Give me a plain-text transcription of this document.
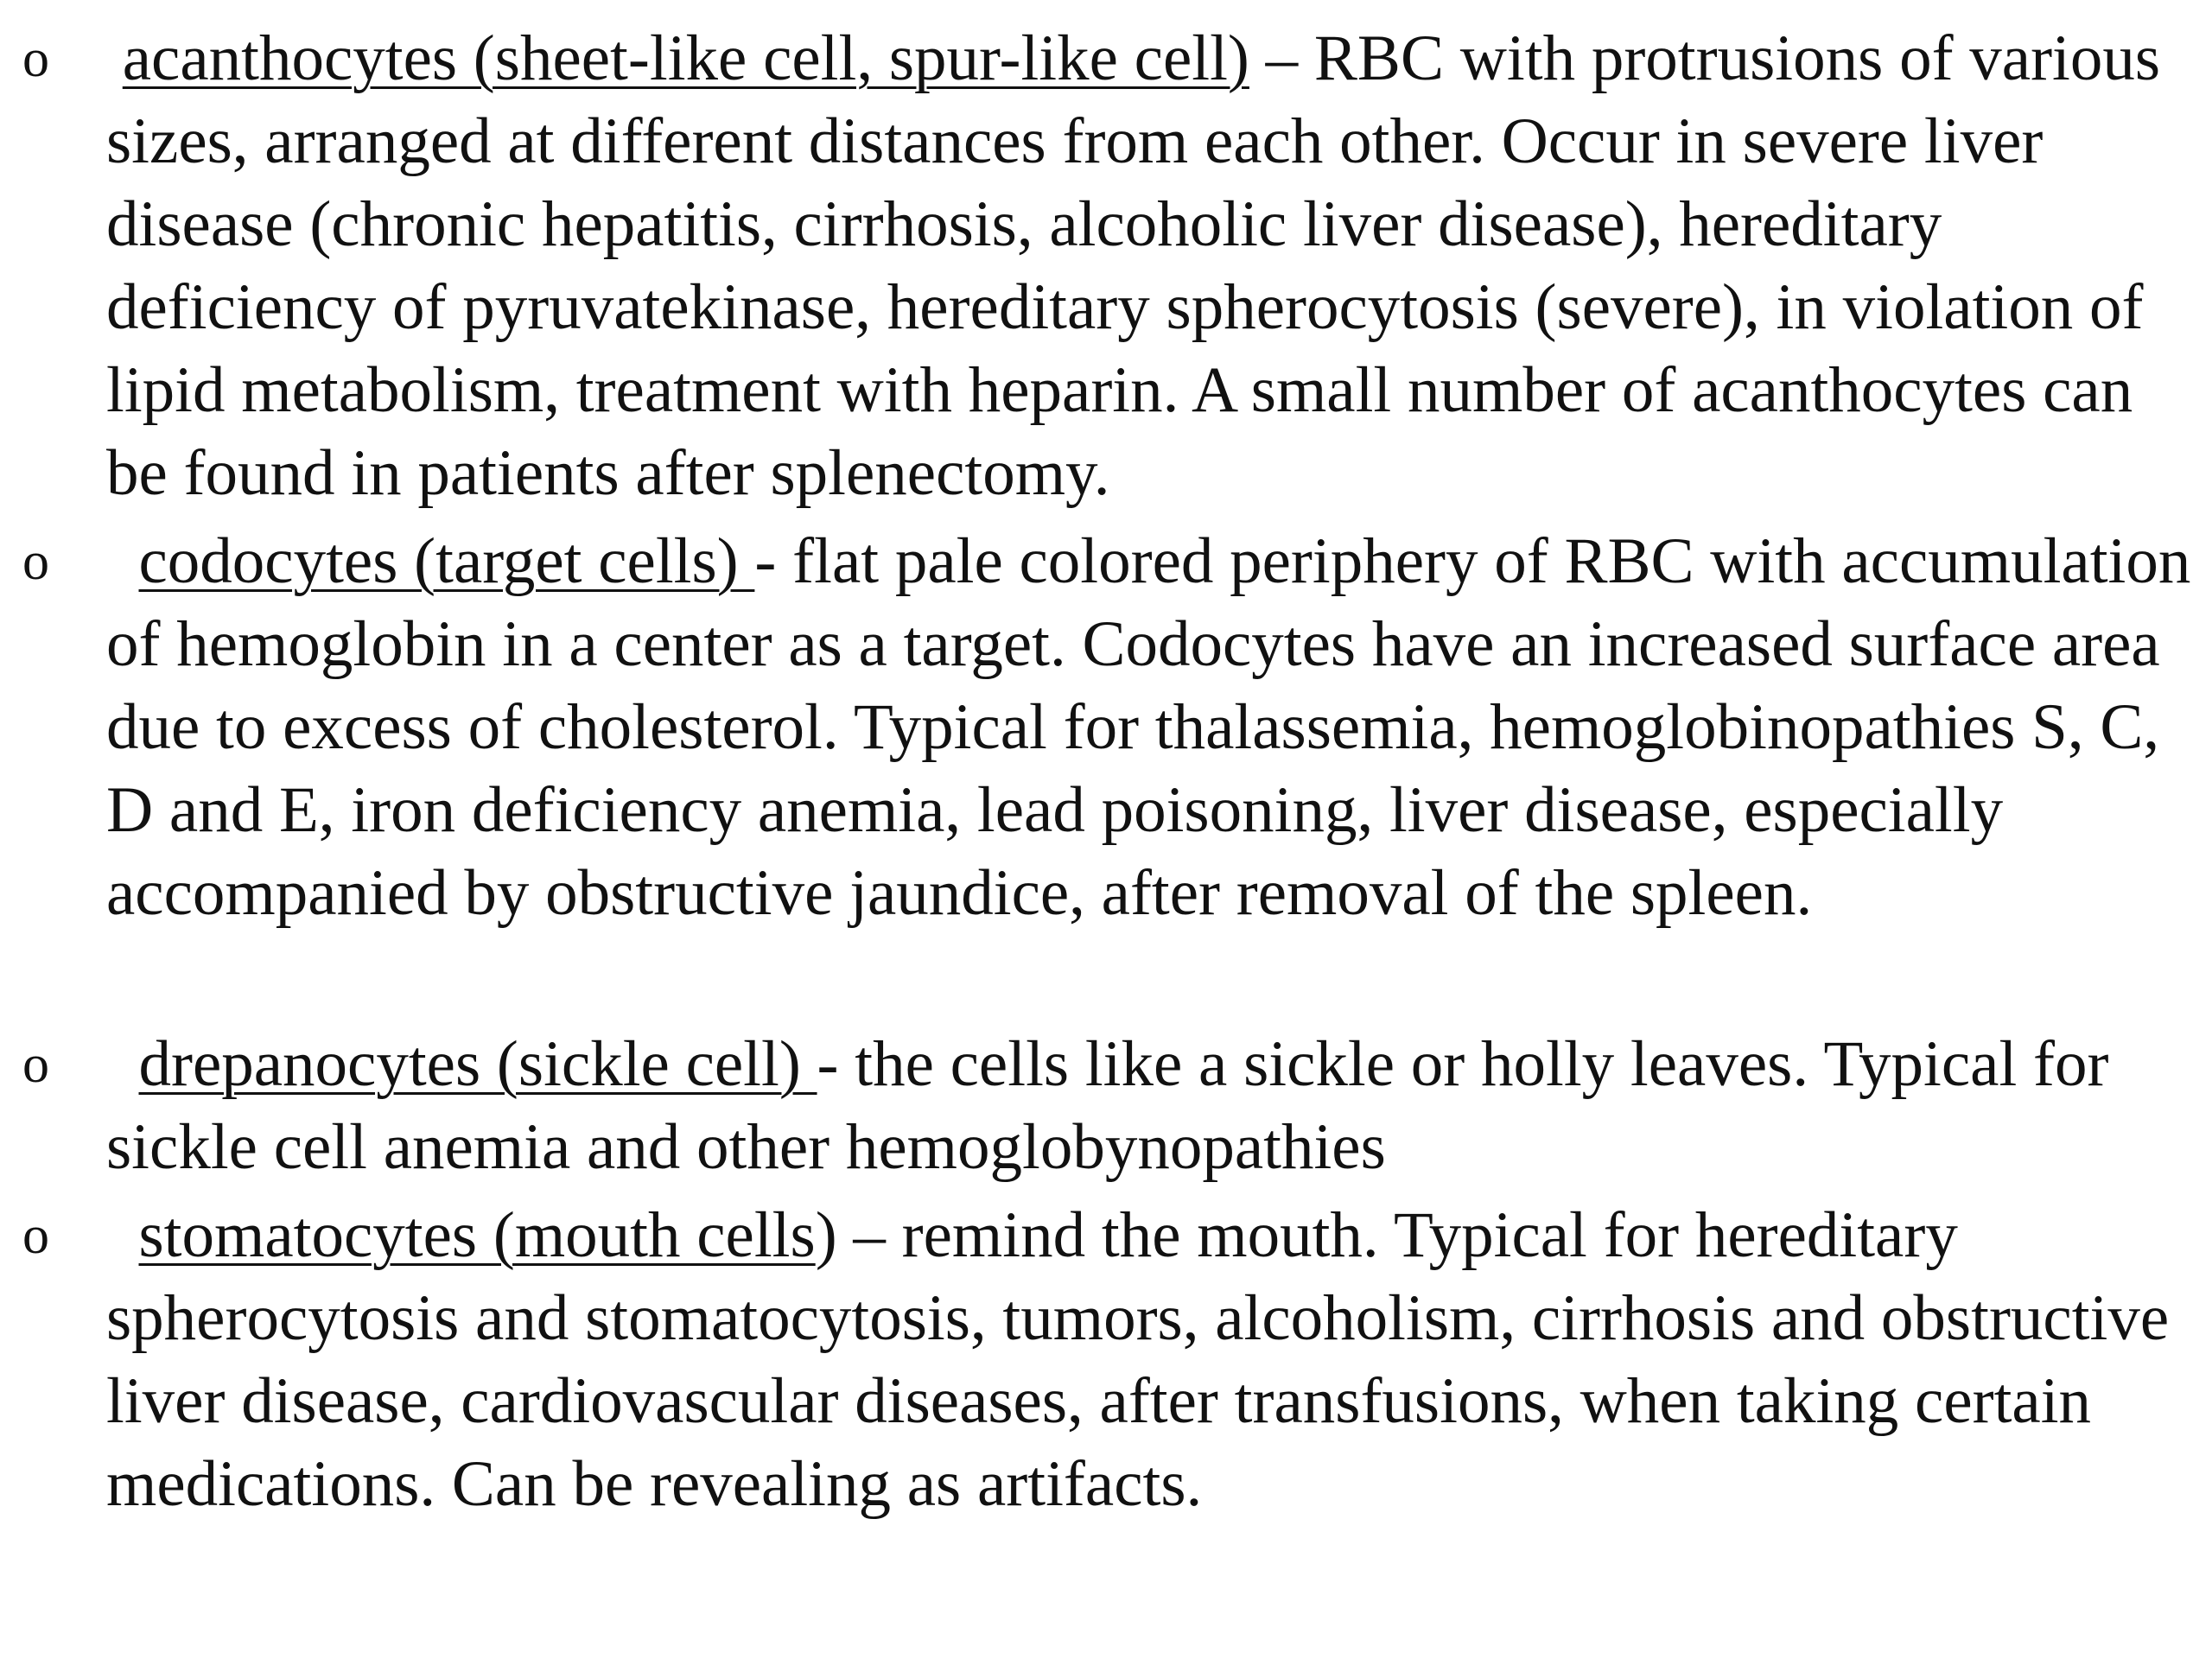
o acanthocytes (sheet-like cell, spur-like cell) – RBC with protrusions of various sizes, arranged at different distances from each other. Occur in severe liver disease (chronic hepatitis, cirrhosis, alcoholic liver disease), hereditary deficiency of pyruvatekinase, hereditary spherocytosis (severe), in violation of lipid metabolism, treatment with heparin. A small number of acanthocytes can be found in patients after splenectomy.

o codocytes (target cells) - flat pale colored periphery of RBC with accumulation of hemoglobin in a center as a target. Codocytes have an increased surface area due to excess of cholesterol. Typical for thalassemia, hemoglobinopathies S, C, D and E, iron deficiency anemia, lead poisoning, liver disease, especially accompanied by obstructive jaundice, after removal of the spleen.

o drepanocytes (sickle cell) - the cells like a sickle or holly leaves. Typical for sickle cell anemia and other hemoglobynopathies

o stomatocytes (mouth cells) – remind the mouth. Typical for hereditary spherocytosis and stomatocytosis, tumors, alcoholism, cirrhosis and obstructive liver disease, cardiovascular diseases, after transfusions, when taking certain medications. Can be revealing as artifacts.
